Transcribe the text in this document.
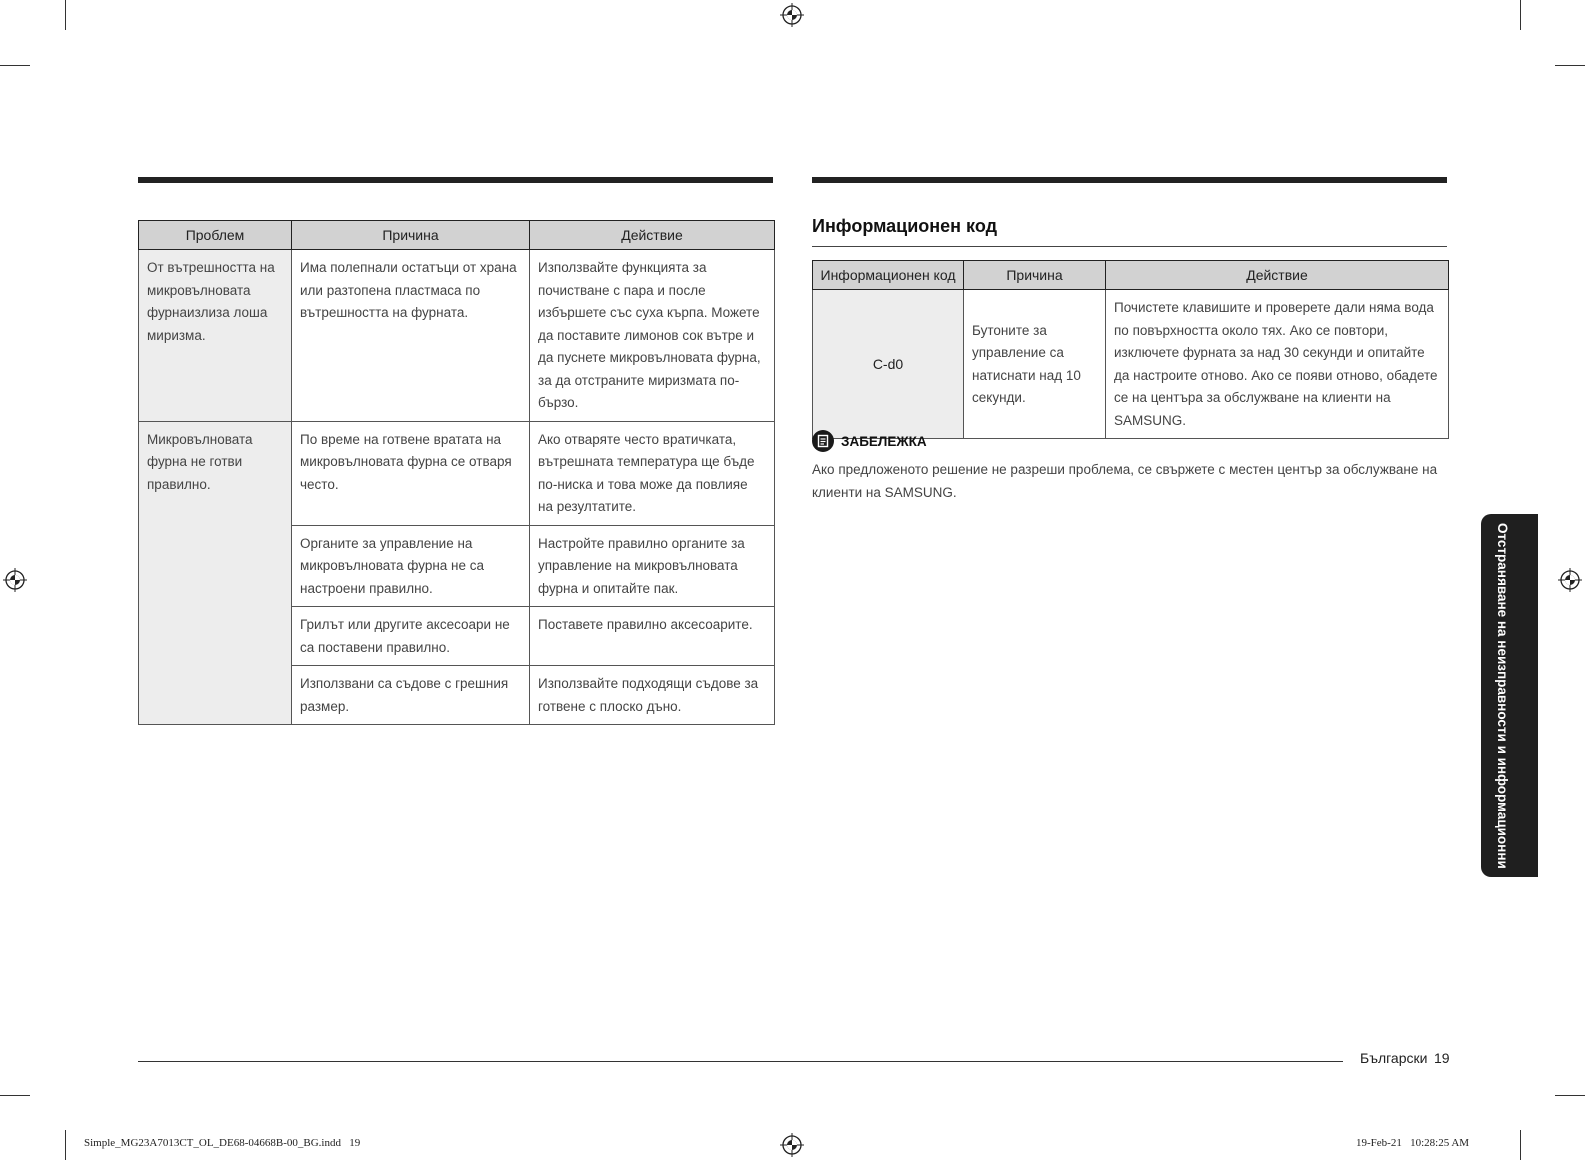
Проблем	Причина	Действие
От вътрешността на микровълновата фурнаизлиза лоша миризма.	Има полепнали остатъци от храна или разтопена пластмаса по вътрешността на фурната.	Използвайте функцията за почистване с пара и после избършете със суха кърпа. Можете да поставите лимонов сок вътре и да пуснете микровълновата фурна, за да отстраните миризмата по-бързо.
Микровълновата фурна не готви правилно.	По време на готвене вратата на микровълновата фурна се отваря често.	Ако отваряте често вратичката, вътрешната температура ще бъде по-ниска и това може да повлияе на резултатите.
	Органите за управление на микровълновата фурна не са настроени правилно.	Настройте правилно органите за управление на микровълновата фурна и опитайте пак.
	Грилът или другите аксесоари не са поставени правилно.	Поставете правилно аксесоарите.
	Използвани са съдове с грешния размер.	Използвайте подходящи съдове за готвене с плоско дъно.
Информационен код
Информационен код	Причина	Действие
C-d0	Бутоните за управление са натиснати над 10 секунди.	Почистете клавишите и проверете дали няма вода по повърхността около тях. Ако се повтори, изключете фурната за над 30 секунди и опитайте да настроите отново. Ако се появи отново, обадете се на центъра за обслужване на клиенти на SAMSUNG.
ЗАБЕЛЕЖКА
Ако предложеното решение не разреши проблема, се свържете с местен център за обслужване на клиенти на SAMSUNG.
Отстраняване на неизправности и информационни кодове
Български 19
Simple_MG23A7013CT_OL_DE68-04668B-00_BG.indd   19	19-Feb-21   10:28:25 AM
